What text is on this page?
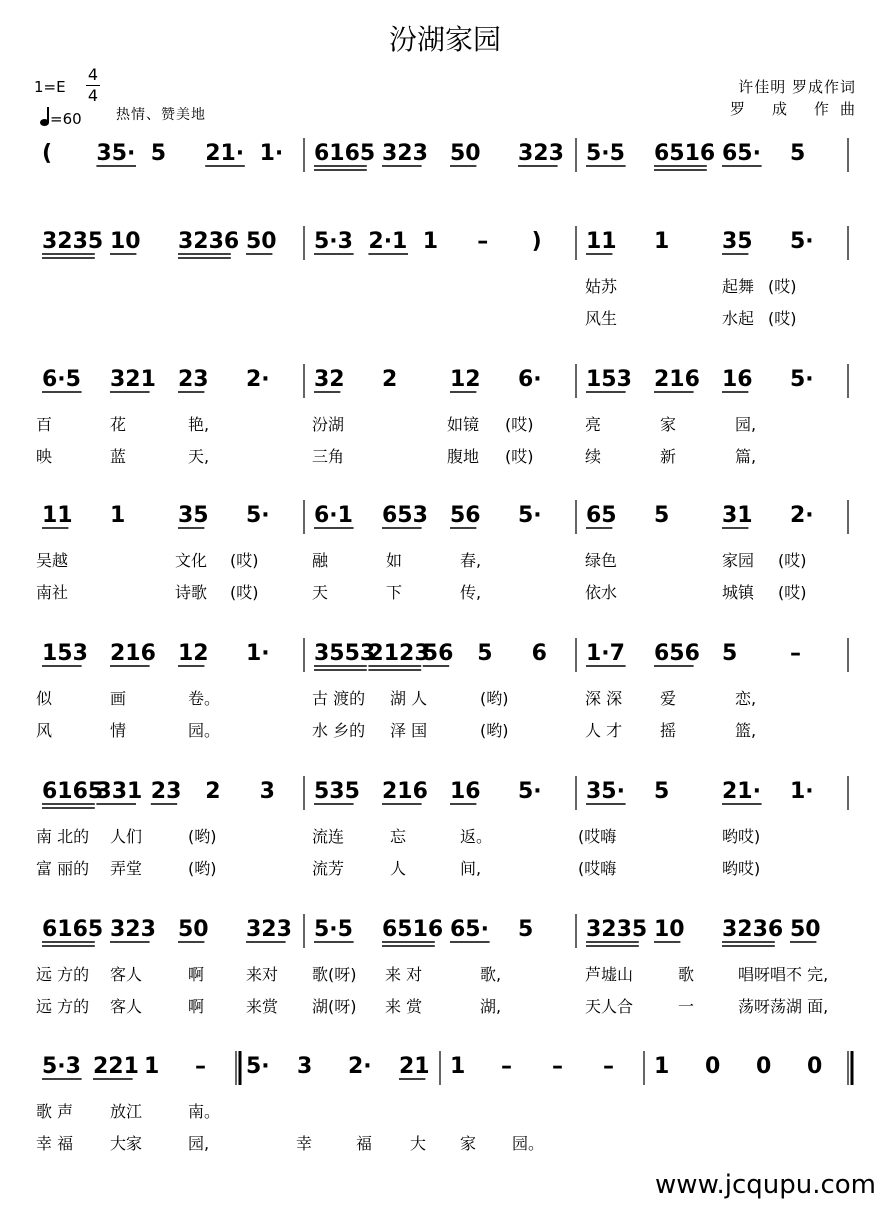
汾湖家园
1=E
4
4
=60 热情、赞美地
许佳明 罗成作词
罗 成 作曲
( 35· 5 21· 1· 6165 323 50 323 5·5 6516 65· 5
3235 10 3236 50 5·3 2·1 1 – ) 11 1 35 5·
姑苏	起舞 (哎)
风生	水起 (哎)
6·5 321 23 2· 32 2 12 6· 153 216 16 5·
百	花	艳,	汾湖	如镜 (哎)	亮	家	园,
映	蓝	天,	三角	腹地 (哎)	续	新	篇,
11 1 35 5· 6·1 653 56 5· 65 5 31 2·
吴越	文化 (哎)	融	如	春,	绿色	家园 (哎)
南社	诗歌 (哎)	天	下	传,	依水	城镇 (哎)
153 216 12 1· 3553
2123
56 5 6 1·7 656 5 –
似	画	卷。	古 渡的 湖 人	(哟)	深 深 爱	恋,
风	情	园。	水 乡的 泽 国	(哟)	人 才 摇	篮,
6165
331 23 2 3 535 216 16 5· 35· 5 21· 1·
南 北的 人们	(哟)	流连	忘	返。	(哎嗨	哟哎)
富 丽的 弄堂	(哟)	流芳	人	间,	(哎嗨	哟哎)
6165 323 50 323 5·5 6516 65· 5 3235 10 3236 50
远 方的 客人	啊	来对 歌(呀) 来 对	歌,	芦墟山	歌	唱呀唱不 完,
远 方的 客人	啊	来赏 湖(呀) 来 赏	湖,	天人合	一	荡呀荡湖 面,
5·3 221 1 – 5· 3 2· 21 1 – – – 1 0 0 0
歌 声 放江	南。
幸 福 大家	园,	幸	福 大 家 园。
www.jcqupu.com
